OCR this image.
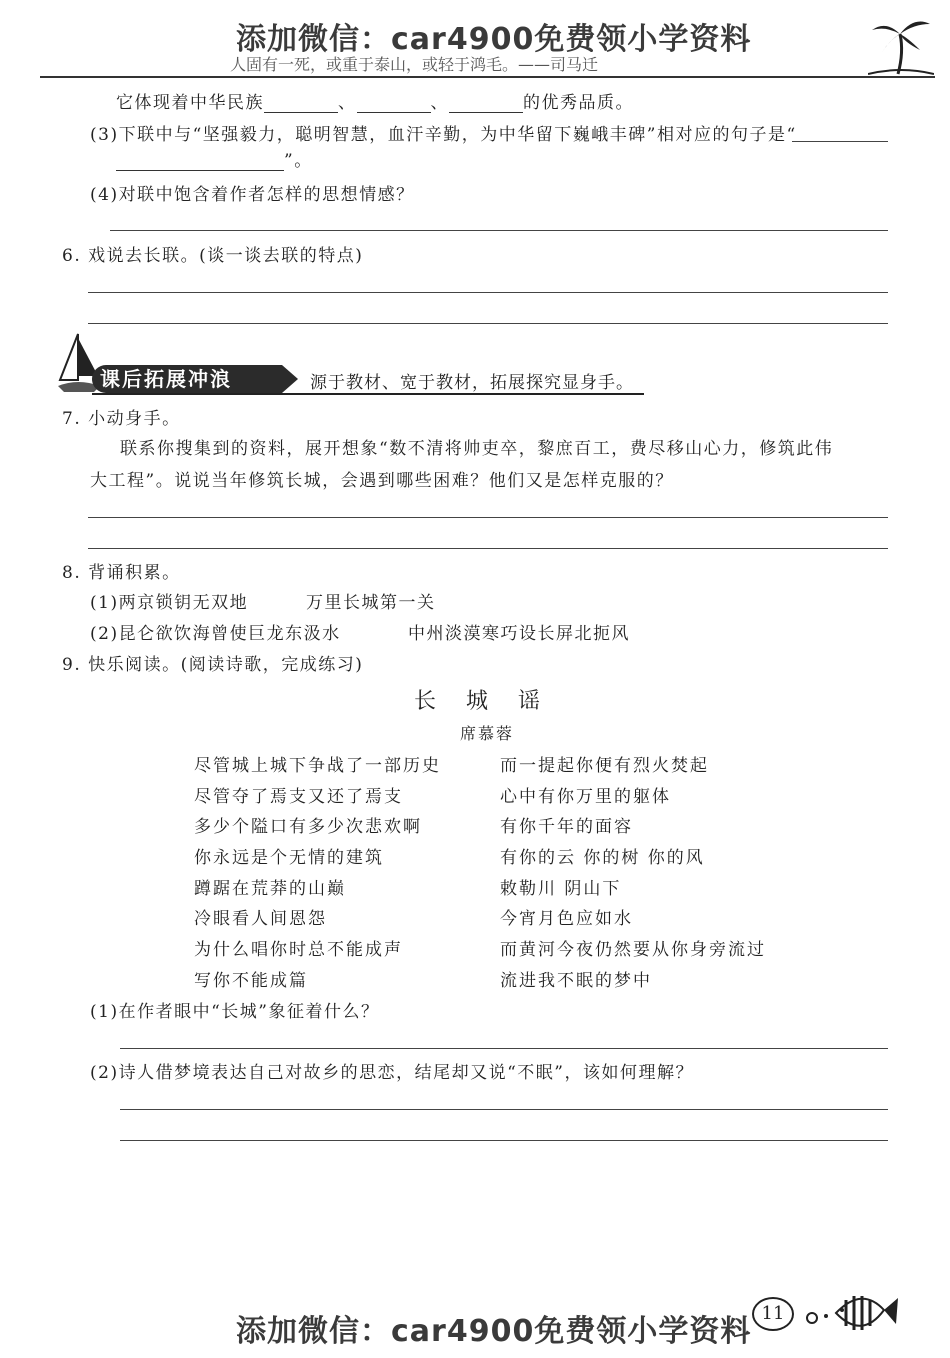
添加微信：car4900免费领小学资料
人固有一死，或重于泰山，或轻于鸿毛。——司马迁
它体现着中华民族	、	、	的优秀品质。
(3)下联中与“坚强毅力，聪明智慧，血汗辛勤，为中华留下巍峨丰碑”相对应的句子是“
”。
(4)对联中饱含着作者怎样的思想情感？
6. 戏说去长联。(谈一谈去联的特点)
课后拓展冲浪	源于教材、宽于教材，拓展探究显身手。
7. 小动身手。
联系你搜集到的资料，展开想象“数不清将帅吏卒，黎庶百工，费尽移山心力，修筑此伟
大工程”。说说当年修筑长城，会遇到哪些困难？他们又是怎样克服的？
8. 背诵积累。
(1)两京锁钥无双地	万里长城第一关
(2)昆仑欲饮海曾使巨龙东汲水	中州淡漠寒巧设长屏北扼风
9. 快乐阅读。(阅读诗歌，完成练习)
长　城　谣
席慕蓉
尽管城上城下争战了一部历史
尽管夺了焉支又还了焉支
多少个隘口有多少次悲欢啊
你永远是个无情的建筑
蹲踞在荒莽的山巅
冷眼看人间恩怨
为什么唱你时总不能成声
写你不能成篇
而一提起你便有烈火焚起
心中有你万里的躯体
有你千年的面容
有你的云 你的树 你的风
敕勒川 阴山下
今宵月色应如水
而黄河今夜仍然要从你身旁流过
流进我不眠的梦中
(1)在作者眼中“长城”象征着什么？
(2)诗人借梦境表达自己对故乡的思恋，结尾却又说“不眠”，该如何理解？
添加微信：car4900免费领小学资料
11
